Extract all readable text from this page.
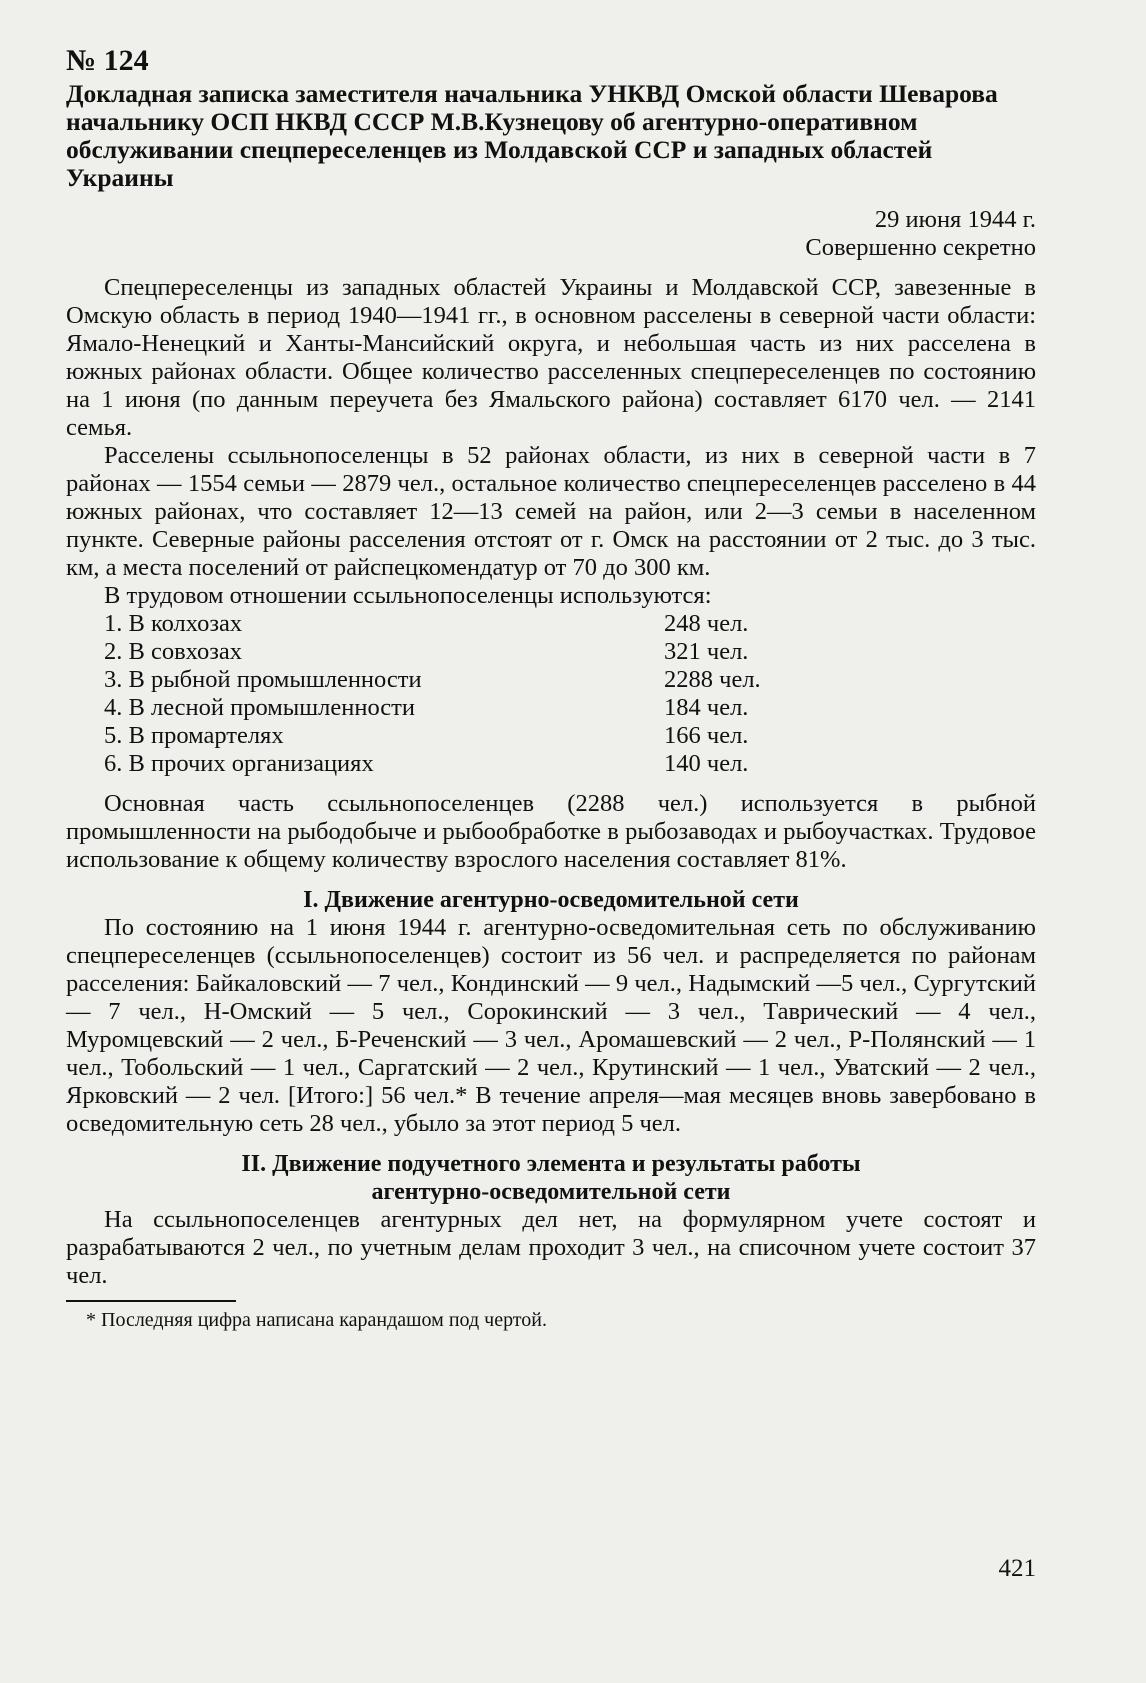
№ 124

Докладная записка заместителя начальника УНКВД Омской области Шеварова начальнику ОСП НКВД СССР М.В.Кузнецову об агентурно-оперативном обслуживании спецпереселенцев из Молдавской ССР и западных областей Украины

29 июня 1944 г.

Совершенно секретно

Спецпереселенцы из западных областей Украины и Молдавской ССР, завезенные в Омскую область в период 1940—1941 гг., в основном расселены в северной части области: Ямало-Ненецкий и Ханты-Мансийский округа, и небольшая часть из них расселена в южных районах области. Общее количество расселенных спецпереселенцев по состоянию на 1 июня (по данным переучета без Ямальского района) составляет 6170 чел. — 2141 семья.

Расселены ссыльнопоселенцы в 52 районах области, из них в северной части в 7 районах — 1554 семьи — 2879 чел., остальное количество спецпереселенцев расселено в 44 южных районах, что составляет 12—13 семей на район, или 2—3 семьи в населенном пункте. Северные районы расселения отстоят от г. Омск на расстоянии от 2 тыс. до 3 тыс. км, а места поселений от райспецкомендатур от 70 до 300 км.

В трудовом отношении ссыльнопоселенцы используются:

1. В колхозах	248 чел.
2. В совхозах	321 чел.
3. В рыбной промышленности	2288 чел.
4. В лесной промышленности	184 чел.
5. В промартелях	166 чел.
6. В прочих организациях	140 чел.

Основная часть ссыльнопоселенцев (2288 чел.) используется в рыбной промышленности на рыбодобыче и рыбообработке в рыбозаводах и рыбоучастках. Трудовое использование к общему количеству взрослого населения составляет 81%.

I. Движение агентурно-осведомительной сети

По состоянию на 1 июня 1944 г. агентурно-осведомительная сеть по обслуживанию спецпереселенцев (ссыльнопоселенцев) состоит из 56 чел. и распределяется по районам расселения: Байкаловский — 7 чел., Кондинский — 9 чел., Надымский —5 чел., Сургутский — 7 чел., Н-Омский — 5 чел., Сорокинский — 3 чел., Таврический — 4 чел., Муромцевский — 2 чел., Б-Реченский — 3 чел., Аромашевский — 2 чел., Р-Полянский — 1 чел., Тобольский — 1 чел., Саргатский — 2 чел., Крутинский — 1 чел., Уватский — 2 чел., Ярковский — 2 чел. [Итого:] 56 чел.* В течение апреля—мая месяцев вновь завербовано в осведомительную сеть 28 чел., убыло за этот период 5 чел.

II. Движение подучетного элемента и результаты работы

агентурно-осведомительной сети

На ссыльнопоселенцев агентурных дел нет, на формулярном учете состоят и разрабатываются 2 чел., по учетным делам проходит 3 чел., на списочном учете состоит 37 чел.

* Последняя цифра написана карандашом под чертой.

421
